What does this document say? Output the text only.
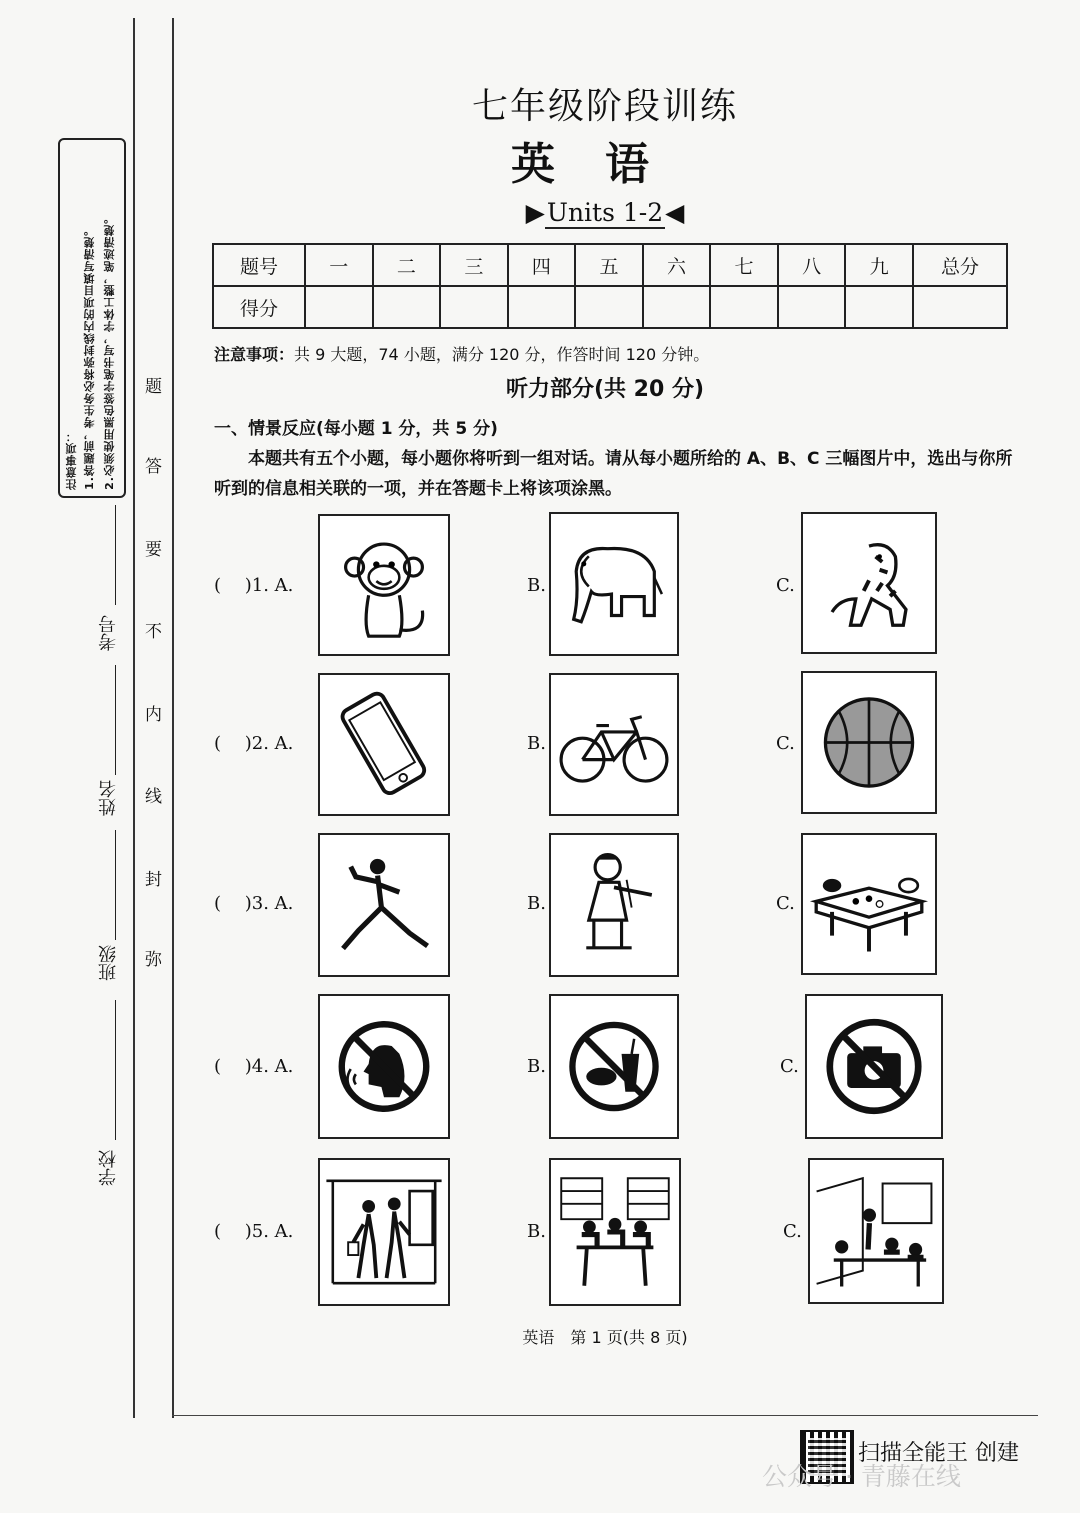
注意事项： 1.答题前，考生务必将弥封线内的项目填写清楚。 2.必须使用黑色签字笔书写，字体工整，笔迹清楚。
考号
姓名
班级
学校
题
答
要
不
内
线
封
弥
七年级阶段训练
英语
▶Units 1-2◀
题号	一	二	三	四	五	六	七	八	九	总分
得分										
注意事项：共 9 大题，74 小题，满分 120 分，作答时间 120 分钟。
听力部分(共 20 分)
一、情景反应(每小题 1 分，共 5 分)
本题共有五个小题，每小题你将听到一组对话。请从每小题所给的 A、B、C 三幅图片中，选出与你所听到的信息相关联的一项，并在答题卡上将该项涂黑。
(  )1. A.	B.	C.
(  )2. A.	B.	C.
(  )3. A.	B.	C.
(  )4. A.	B.	C.
(  )5. A.	B.	C.
英语　第 1 页(共 8 页)
扫描全能王 创建
公众号 · 青藤在线
